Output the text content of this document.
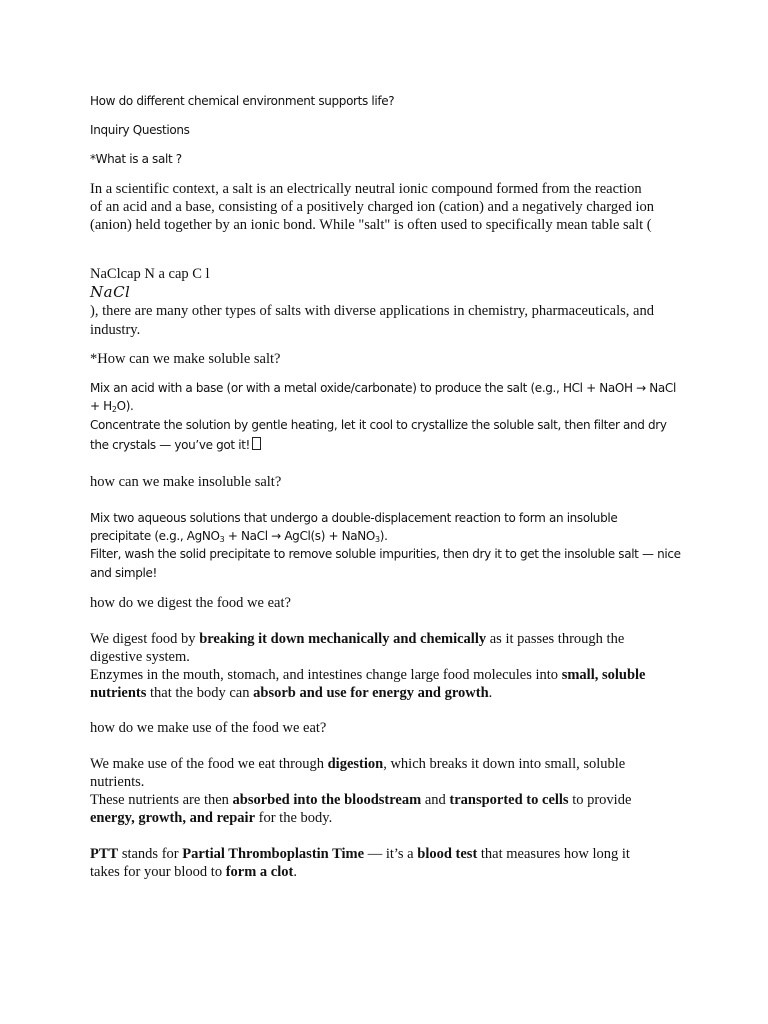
How do different chemical environment supports life?
Inquiry Questions
*What is a salt ?
In a scientific context, a salt is an electrically neutral ionic compound formed from the reaction
of an acid and a base, consisting of a positively charged ion (cation) and a negatively charged ion
(anion) held together by an ionic bond. While "salt" is often used to specifically mean table salt (
NaClcap N a cap C l
NaCl
), there are many other types of salts with diverse applications in chemistry, pharmaceuticals, and
industry.
*How can we make soluble salt?
Mix an acid with a base (or with a metal oxide/carbonate) to produce the salt (e.g., HCl + NaOH → NaCl
+ $H_2O$).
Concentrate the solution by gentle heating, let it cool to crystallize the soluble salt, then filter and dry
the crystals — you’ve got it!
how can we make insoluble salt?
Mix two aqueous solutions that undergo a double-displacement reaction to form an insoluble
precipitate (e.g., AgNO$_3$ + NaCl → AgCl(s) + NaNO$_3$).
Filter, wash the solid precipitate to remove soluble impurities, then dry it to get the insoluble salt — nice
and simple!
how do we digest the food we eat?
We digest food by breaking it down mechanically and chemically as it passes through the
digestive system.
Enzymes in the mouth, stomach, and intestines change large food molecules into small, soluble
nutrients that the body can absorb and use for energy and growth.
how do we make use of the food we eat?
We make use of the food we eat through digestion, which breaks it down into small, soluble
nutrients.
These nutrients are then absorbed into the bloodstream and transported to cells to provide
energy, growth, and repair for the body.
PTT stands for Partial Thromboplastin Time — it’s a blood test that measures how long it
takes for your blood to form a clot.
